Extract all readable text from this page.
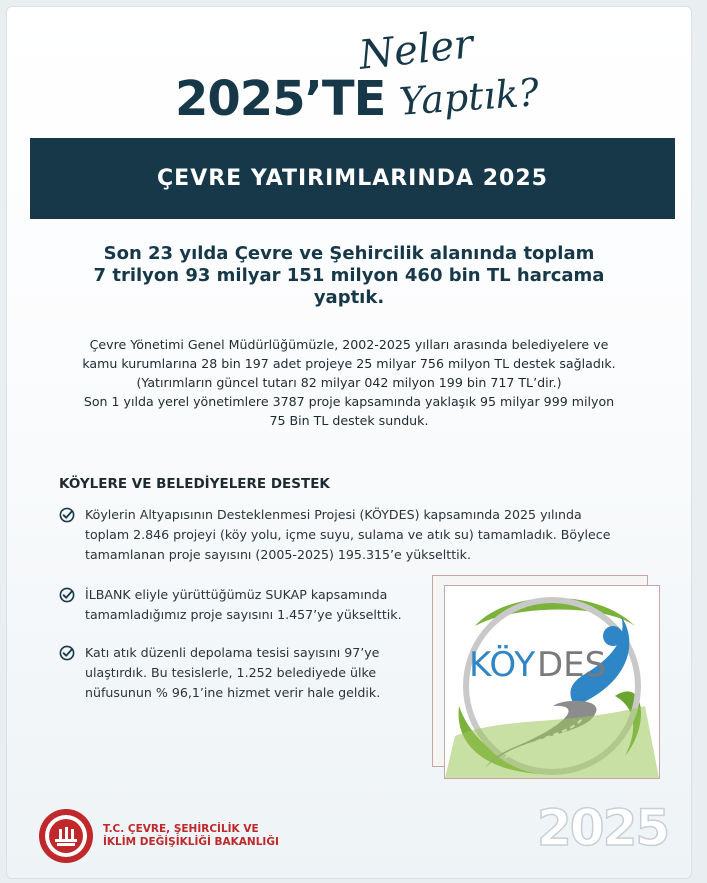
2025’TE
Neler
Yaptık?
ÇEVRE YATIRIMLARINDA 2025
Son 23 yılda Çevre ve Şehircilik alanında toplam
7 trilyon 93 milyar 151 milyon 460 bin TL harcama
yaptık.
Çevre Yönetimi Genel Müdürlüğümüzle, 2002-2025 yılları arasında belediyelere ve
kamu kurumlarına 28 bin 197 adet projeye 25 milyar 756 milyon TL destek sağladık.
(Yatırımların güncel tutarı 82 milyar 042 milyon 199 bin 717 TL’dir.)
Son 1 yılda yerel yönetimlere 3787 proje kapsamında yaklaşık 95 milyar 999 milyon
75 Bin TL destek sunduk.
KÖYLERE VE BELEDİYELERE DESTEK
Köylerin Altyapısının Desteklenmesi Projesi (KÖYDES) kapsamında 2025 yılında
toplam 2.846 projeyi (köy yolu, içme suyu, sulama ve atık su) tamamladık. Böylece
tamamlanan proje sayısını (2005-2025) 195.315’e yükselttik.
İLBANK eliyle yürüttüğümüz SUKAP kapsamında
tamamladığımız proje sayısını 1.457’ye yükselttik.
Katı atık düzenli depolama tesisi sayısını 97’ye
ulaştırdık. Bu tesislerle, 1.252 belediyede ülke
nüfusunun % 96,1’ine hizmet verir hale geldik.
KÖY DES
T.C. ÇEVRE, ŞEHİRCİLİK VE
İKLİM DEĞİŞİKLİĞİ BAKANLIĞI	2025
